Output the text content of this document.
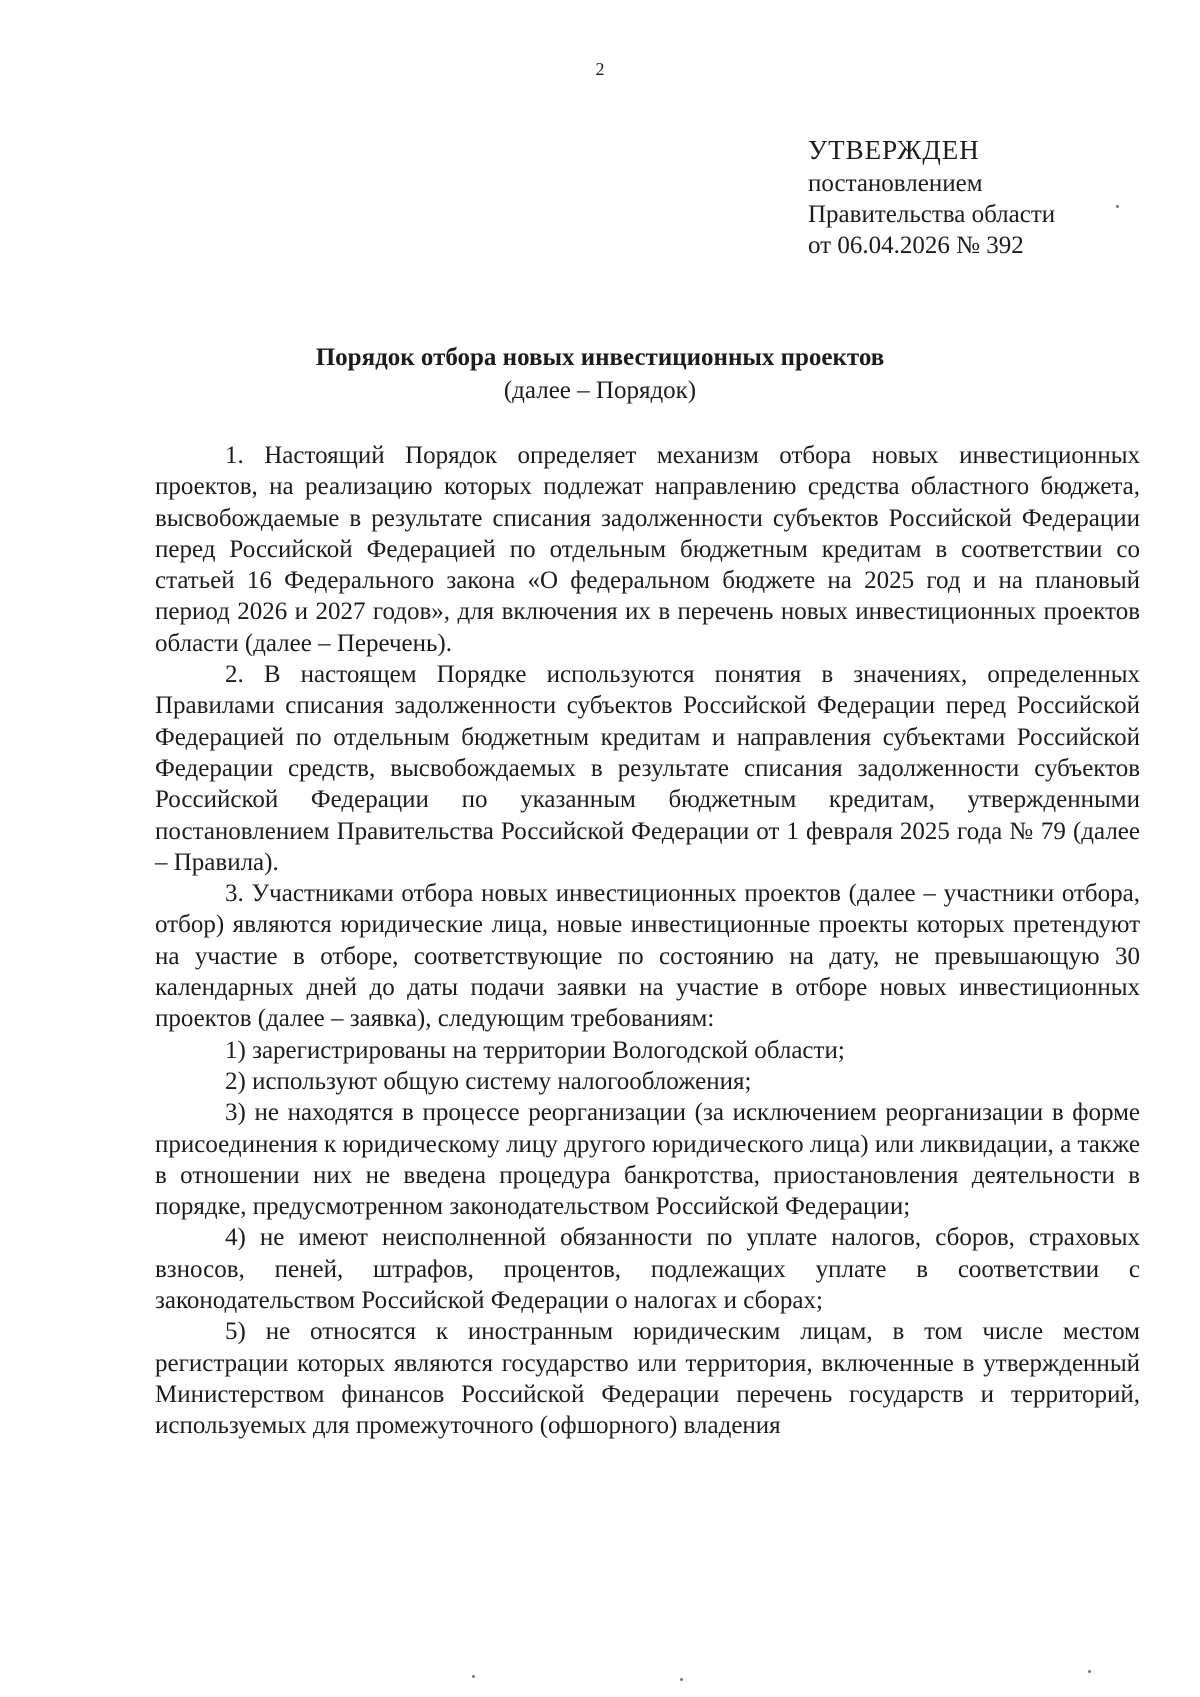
2
УТВЕРЖДЕН
постановлением
Правительства области
от 06.04.2026 № 392
Порядок отбора новых инвестиционных проектов
(далее – Порядок)

1. Настоящий Порядок определяет механизм отбора новых инвестиционных проектов, на реализацию которых подлежат направлению средства областного бюджета, высвобождаемые в результате списания задолженности субъектов Российской Федерации перед Российской Федерацией по отдельным бюджетным кредитам в соответствии со статьей 16 Федерального закона «О федеральном бюджете на 2025 год и на плановый период 2026 и 2027 годов», для включения их в перечень новых инвестиционных проектов области (далее – Перечень).

2. В настоящем Порядке используются понятия в значениях, определенных Правилами списания задолженности субъектов Российской Федерации перед Российской Федерацией по отдельным бюджетным кредитам и направления субъектами Российской Федерации средств, высвобождаемых в результате списания задолженности субъектов Российской Федерации по указанным бюджетным кредитам, утвержденными постановлением Правительства Российской Федерации от 1 февраля 2025 года № 79 (далее – Правила).

3. Участниками отбора новых инвестиционных проектов (далее – участники отбора, отбор) являются юридические лица, новые инвестиционные проекты которых претендуют на участие в отборе, соответствующие по состоянию на дату, не превышающую 30 календарных дней до даты подачи заявки на участие в отборе новых инвестиционных проектов (далее – заявка), следующим требованиям:

1) зарегистрированы на территории Вологодской области;

2) используют общую систему налогообложения;

3) не находятся в процессе реорганизации (за исключением реорганизации в форме присоединения к юридическому лицу другого юридического лица) или ликвидации, а также в отношении них не введена процедура банкротства, приостановления деятельности в порядке, предусмотренном законодательством Российской Федерации;

4) не имеют неисполненной обязанности по уплате налогов, сборов, страховых взносов, пеней, штрафов, процентов, подлежащих уплате в соответствии с законодательством Российской Федерации о налогах и сборах;

5) не относятся к иностранным юридическим лицам, в том числе местом регистрации которых являются государство или территория, включенные в утвержденный Министерством финансов Российской Федерации перечень государств и территорий, используемых для промежуточного (офшорного) владения
